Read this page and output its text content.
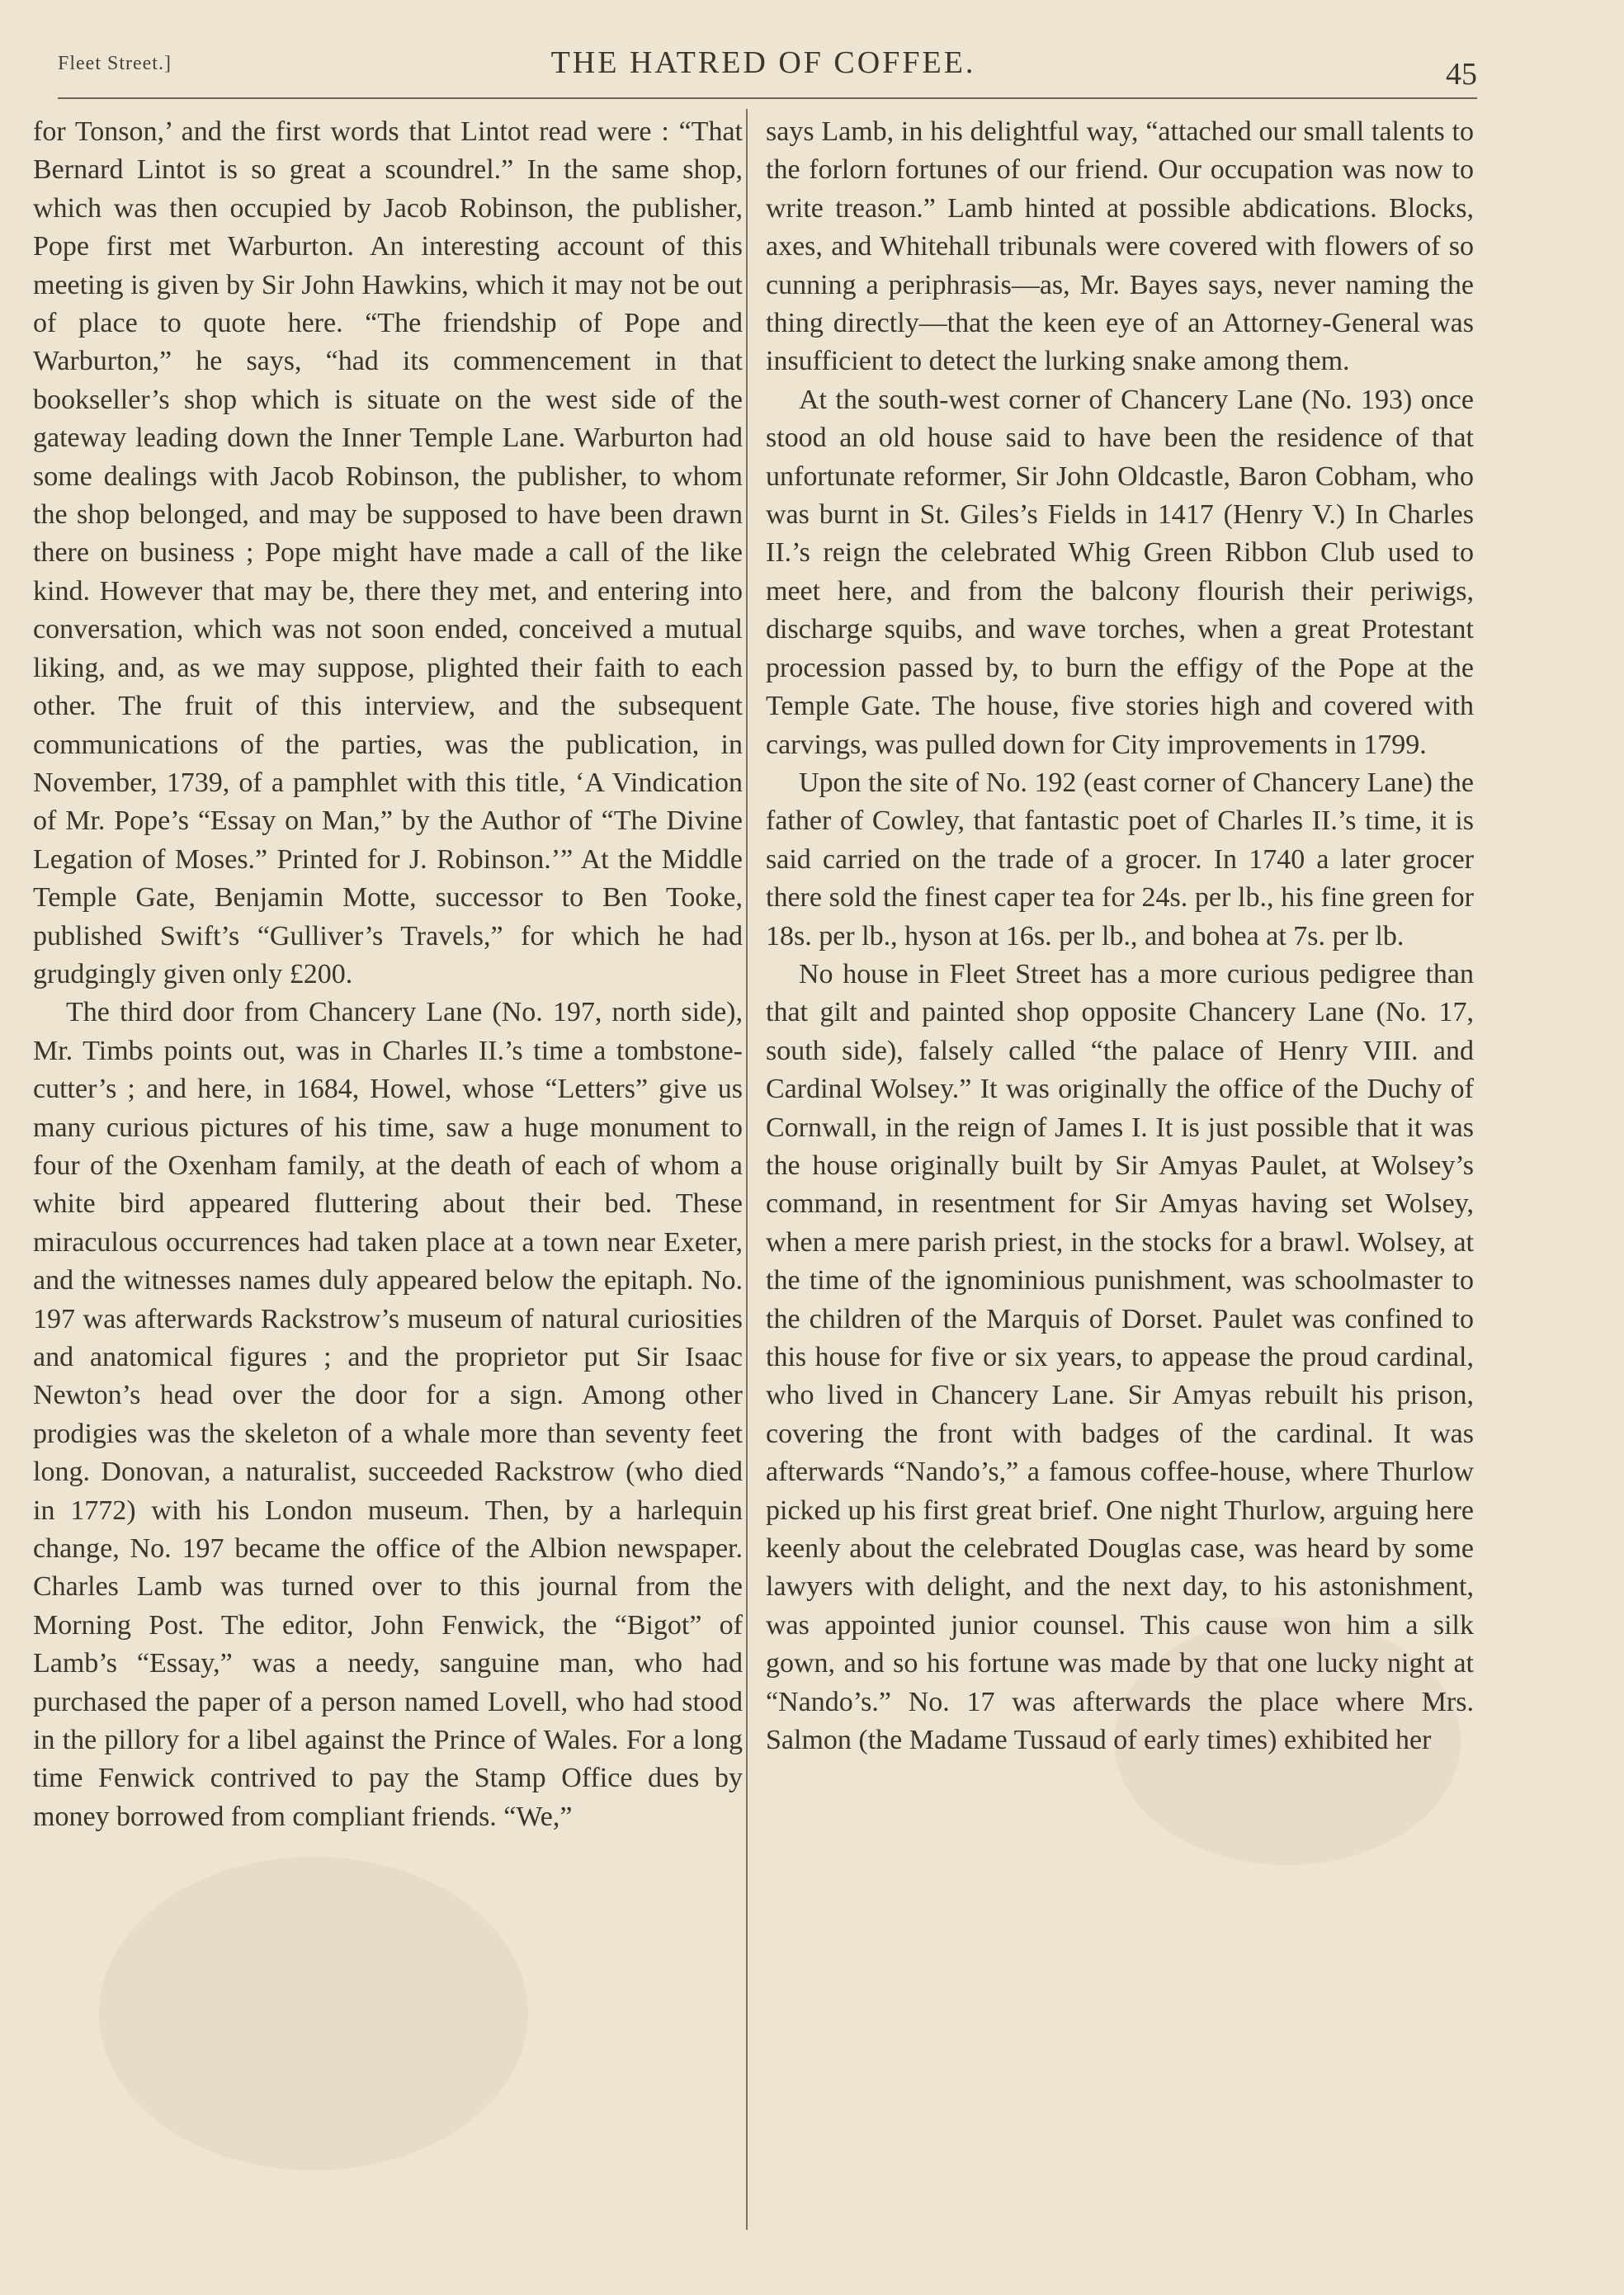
Fleet Street.]	THE HATRED OF COFFEE.	45

for Tonson,’ and the first words that Lintot read were : “That Bernard Lintot is so great a scoundrel.” In the same shop, which was then occupied by Jacob Robinson, the publisher, Pope first met Warburton. An interesting account of this meeting is given by Sir John Hawkins, which it may not be out of place to quote here. “The friendship of Pope and Warburton,” he says, “had its commencement in that bookseller’s shop which is situate on the west side of the gateway leading down the Inner Temple Lane. Warburton had some dealings with Jacob Robinson, the publisher, to whom the shop belonged, and may be supposed to have been drawn there on business ; Pope might have made a call of the like kind. However that may be, there they met, and entering into conversation, which was not soon ended, conceived a mutual liking, and, as we may suppose, plighted their faith to each other. The fruit of this interview, and the subsequent communications of the parties, was the publication, in November, 1739, of a pamphlet with this title, ‘A Vindication of Mr. Pope’s “Essay on Man,” by the Author of “The Divine Legation of Moses.” Printed for J. Robinson.’” At the Middle Temple Gate, Benjamin Motte, successor to Ben Tooke, published Swift’s “Gulliver’s Travels,” for which he had grudgingly given only £200.

The third door from Chancery Lane (No. 197, north side), Mr. Timbs points out, was in Charles II.’s time a tombstone-cutter’s ; and here, in 1684, Howel, whose “Letters” give us many curious pictures of his time, saw a huge monument to four of the Oxenham family, at the death of each of whom a white bird appeared fluttering about their bed. These miraculous occurrences had taken place at a town near Exeter, and the witnesses names duly appeared below the epitaph. No. 197 was afterwards Rackstrow’s museum of natural curiosities and anatomical figures ; and the proprietor put Sir Isaac Newton’s head over the door for a sign. Among other prodigies was the skeleton of a whale more than seventy feet long. Donovan, a naturalist, succeeded Rackstrow (who died in 1772) with his London museum. Then, by a harlequin change, No. 197 became the office of the Albion newspaper. Charles Lamb was turned over to this journal from the Morning Post. The editor, John Fenwick, the “Bigot” of Lamb’s “Essay,” was a needy, sanguine man, who had purchased the paper of a person named Lovell, who had stood in the pillory for a libel against the Prince of Wales. For a long time Fenwick contrived to pay the Stamp Office dues by money borrowed from compliant friends. “We,”

says Lamb, in his delightful way, “attached our small talents to the forlorn fortunes of our friend. Our occupation was now to write treason.” Lamb hinted at possible abdications. Blocks, axes, and Whitehall tribunals were covered with flowers of so cunning a periphrasis—as, Mr. Bayes says, never naming the thing directly—that the keen eye of an Attorney-General was insufficient to detect the lurking snake among them.

At the south-west corner of Chancery Lane (No. 193) once stood an old house said to have been the residence of that unfortunate reformer, Sir John Oldcastle, Baron Cobham, who was burnt in St. Giles’s Fields in 1417 (Henry V.) In Charles II.’s reign the celebrated Whig Green Ribbon Club used to meet here, and from the balcony flourish their periwigs, discharge squibs, and wave torches, when a great Protestant procession passed by, to burn the effigy of the Pope at the Temple Gate. The house, five stories high and covered with carvings, was pulled down for City improvements in 1799.

Upon the site of No. 192 (east corner of Chancery Lane) the father of Cowley, that fantastic poet of Charles II.’s time, it is said carried on the trade of a grocer. In 1740 a later grocer there sold the finest caper tea for 24s. per lb., his fine green for 18s. per lb., hyson at 16s. per lb., and bohea at 7s. per lb.

No house in Fleet Street has a more curious pedigree than that gilt and painted shop opposite Chancery Lane (No. 17, south side), falsely called “the palace of Henry VIII. and Cardinal Wolsey.” It was originally the office of the Duchy of Cornwall, in the reign of James I. It is just possible that it was the house originally built by Sir Amyas Paulet, at Wolsey’s command, in resentment for Sir Amyas having set Wolsey, when a mere parish priest, in the stocks for a brawl. Wolsey, at the time of the ignominious punishment, was schoolmaster to the children of the Marquis of Dorset. Paulet was confined to this house for five or six years, to appease the proud cardinal, who lived in Chancery Lane. Sir Amyas rebuilt his prison, covering the front with badges of the cardinal. It was afterwards “Nando’s,” a famous coffee-house, where Thurlow picked up his first great brief. One night Thurlow, arguing here keenly about the celebrated Douglas case, was heard by some lawyers with delight, and the next day, to his astonishment, was appointed junior counsel. This cause won him a silk gown, and so his fortune was made by that one lucky night at “Nando’s.” No. 17 was afterwards the place where Mrs. Salmon (the Madame Tussaud of early times) exhibited her
